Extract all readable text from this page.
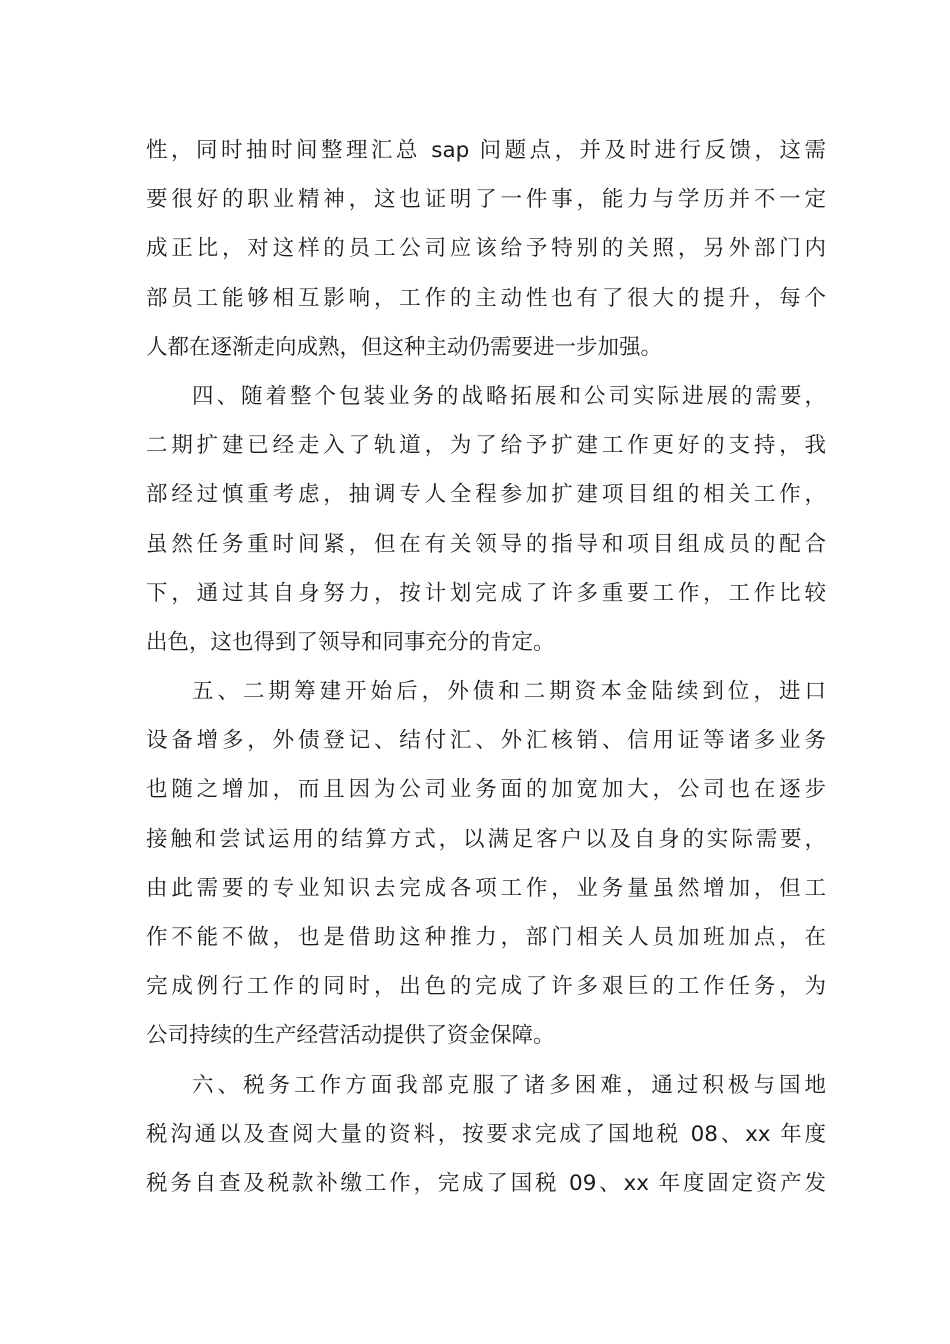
性，同时抽时间整理汇总 sap 问题点，并及时进行反馈，这需
要很好的职业精神，这也证明了一件事，能力与学历并不一定
成正比，对这样的员工公司应该给予特别的关照，另外部门内
部员工能够相互影响，工作的主动性也有了很大的提升，每个
人都在逐渐走向成熟，但这种主动仍需要进一步加强。
四、随着整个包装业务的战略拓展和公司实际进展的需要，
二期扩建已经走入了轨道，为了给予扩建工作更好的支持，我
部经过慎重考虑，抽调专人全程参加扩建项目组的相关工作，
虽然任务重时间紧，但在有关领导的指导和项目组成员的配合
下，通过其自身努力，按计划完成了许多重要工作，工作比较
出色，这也得到了领导和同事充分的肯定。
五、二期筹建开始后，外债和二期资本金陆续到位，进口
设备增多，外债登记、结付汇、外汇核销、信用证等诸多业务
也随之增加，而且因为公司业务面的加宽加大，公司也在逐步
接触和尝试运用的结算方式，以满足客户以及自身的实际需要，
由此需要的专业知识去完成各项工作，业务量虽然增加，但工
作不能不做，也是借助这种推力，部门相关人员加班加点，在
完成例行工作的同时，出色的完成了许多艰巨的工作任务，为
公司持续的生产经营活动提供了资金保障。
六、税务工作方面我部克服了诸多困难，通过积极与国地
税沟通以及查阅大量的资料，按要求完成了国地税 08、xx 年度
税务自查及税款补缴工作，完成了国税 09、xx 年度固定资产发
